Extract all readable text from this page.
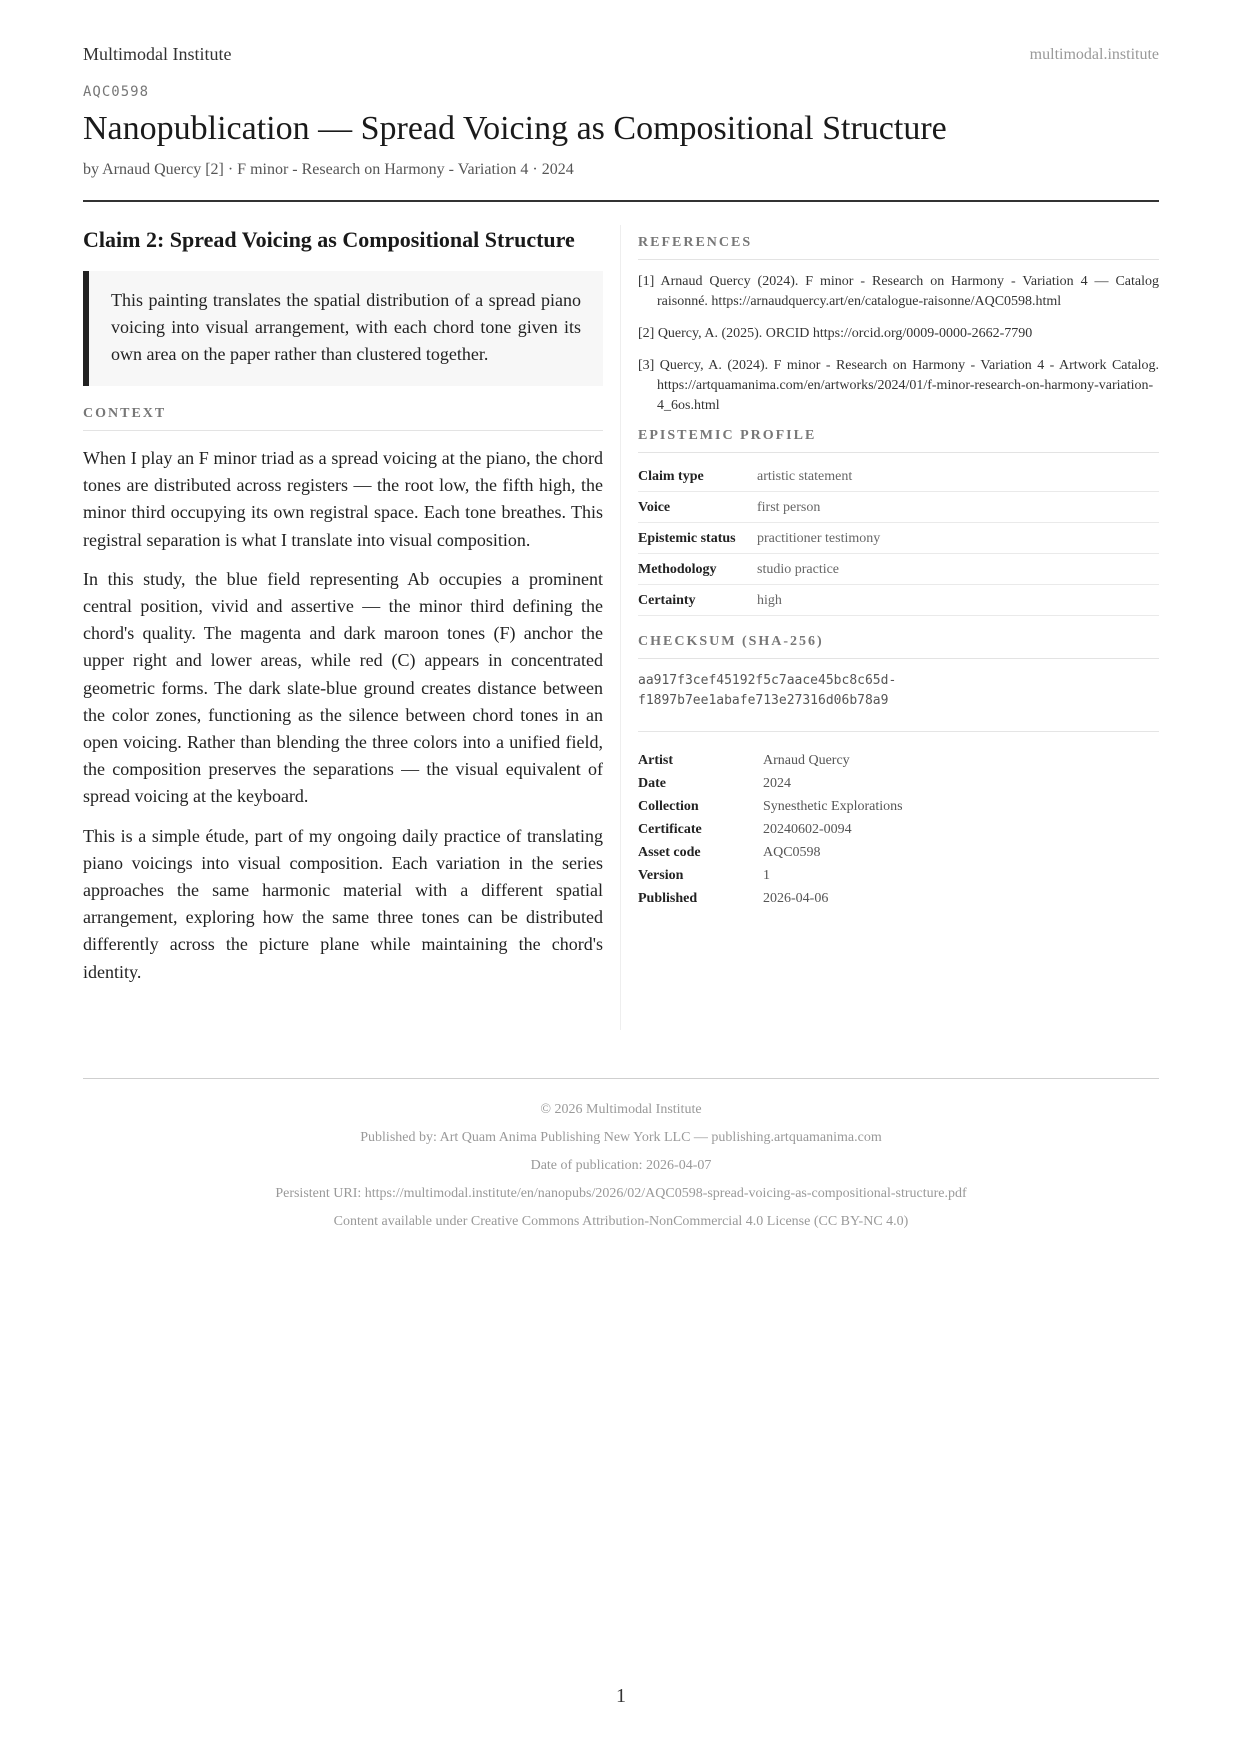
Multimodal Institute	multimodal.institute
AQC0598
Nanopublication — Spread Voicing as Compositional Structure
by Arnaud Quercy [2] · F minor - Research on Harmony - Variation 4 · 2024
Claim 2: Spread Voicing as Compositional Structure
This painting translates the spatial distribution of a spread piano voicing into visual arrangement, with each chord tone given its own area on the paper rather than clustered together.
CONTEXT

When I play an F minor triad as a spread voicing at the piano, the chord tones are distributed across registers — the root low, the fifth high, the minor third occupying its own registral space. Each tone breathes. This registral separation is what I translate into visual composition.

In this study, the blue field representing Ab occupies a prominent central position, vivid and assertive — the minor third defining the chord's quality. The magenta and dark maroon tones (F) anchor the upper right and lower areas, while red (C) appears in concentrated geometric forms. The dark slate-blue ground creates distance between the color zones, functioning as the silence between chord tones in an open voicing. Rather than blending the three colors into a unified field, the composition preserves the separations — the visual equivalent of spread voicing at the keyboard.

This is a simple étude, part of my ongoing daily practice of translating piano voicings into visual composition. Each variation in the series approaches the same harmonic material with a different spatial arrangement, exploring how the same three tones can be distributed differently across the picture plane while maintaining the chord's identity.

REFERENCES
[1] Arnaud Quercy (2024). F minor - Research on Harmony - Variation 4 — Catalog raisonné. https://arnaudquercy.art/en/catalogue-raisonne/AQC0598.html
[2] Quercy, A. (2025). ORCID https://orcid.org/0009-0000-2662-7790
[3] Quercy, A. (2024). F minor - Research on Harmony - Variation 4 - Artwork Catalog. https://artquamanima.com/en/artworks/2024/01/f-minor-research-on-harmony-variation-4_6os.html
EPISTEMIC PROFILE
Claim type	artistic statement
Voice	first person
Epistemic status	practitioner testimony
Methodology	studio practice
Certainty	high
CHECKSUM (SHA-256)
aa917f3cef45192f5c7aace45bc8c65d-
f1897b7ee1abafe713e27316d06b78a9
Artist	Arnaud Quercy
Date	2024
Collection	Synesthetic Explorations
Certificate	20240602-0094
Asset code	AQC0598
Version	1
Published	2026-04-06
© 2026 Multimodal Institute
Published by: Art Quam Anima Publishing New York LLC — publishing.artquamanima.com
Date of publication: 2026-04-07
Persistent URI: https://multimodal.institute/en/nanopubs/2026/02/AQC0598-spread-voicing-as-compositional-structure.pdf
Content available under Creative Commons Attribution-NonCommercial 4.0 License (CC BY-NC 4.0)
1
